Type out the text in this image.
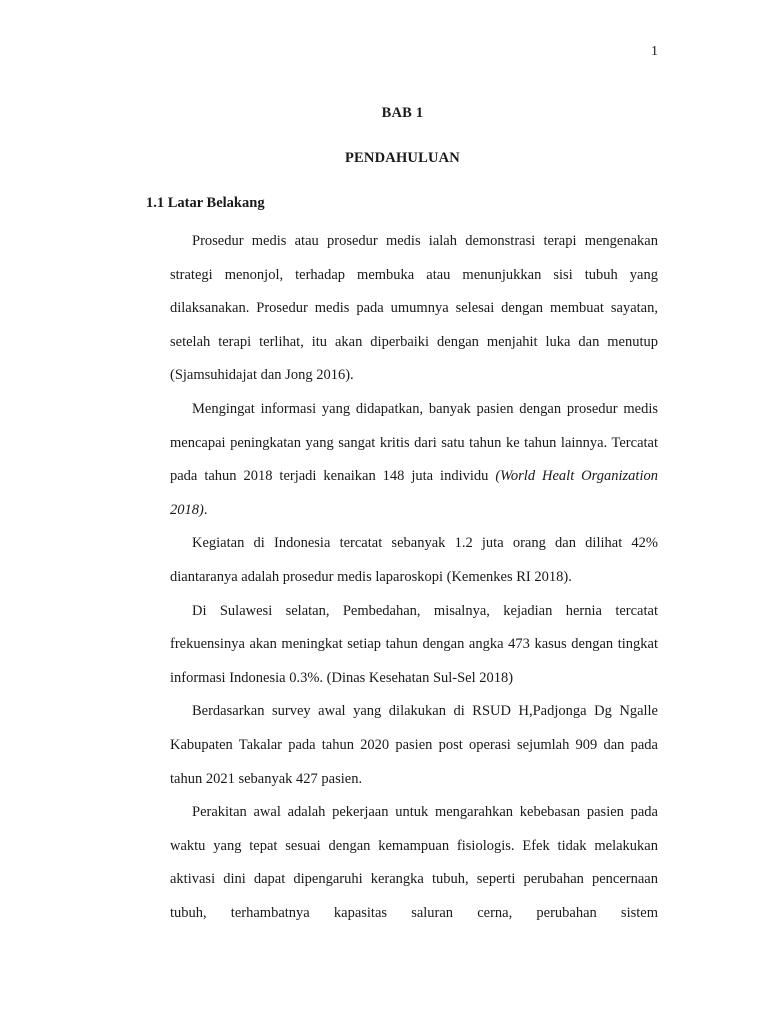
1
BAB 1
PENDAHULUAN
1.1 Latar Belakang

Prosedur medis atau prosedur medis ialah demonstrasi terapi mengenakan strategi menonjol, terhadap membuka atau menunjukkan sisi tubuh yang dilaksanakan. Prosedur medis pada umumnya selesai dengan membuat sayatan, setelah terapi terlihat, itu akan diperbaiki dengan menjahit luka dan menutup (Sjamsuhidajat dan Jong 2016).

Mengingat informasi yang didapatkan, banyak pasien dengan prosedur medis mencapai peningkatan yang sangat kritis dari satu tahun ke tahun lainnya. Tercatat pada tahun 2018 terjadi kenaikan 148 juta individu (World Healt Organization 2018).

Kegiatan di Indonesia tercatat sebanyak 1.2 juta orang dan dilihat 42% diantaranya adalah prosedur medis laparoskopi (Kemenkes RI 2018).

Di Sulawesi selatan, Pembedahan, misalnya, kejadian hernia tercatat frekuensinya akan meningkat setiap tahun dengan angka 473 kasus dengan tingkat informasi Indonesia 0.3%. (Dinas Kesehatan Sul-Sel 2018)

Berdasarkan survey awal yang dilakukan di RSUD H,Padjonga Dg Ngalle Kabupaten Takalar pada tahun 2020 pasien post operasi sejumlah 909 dan pada tahun 2021 sebanyak 427 pasien.

Perakitan awal adalah pekerjaan untuk mengarahkan kebebasan pasien pada waktu yang tepat sesuai dengan kemampuan fisiologis. Efek tidak melakukan aktivasi dini dapat dipengaruhi kerangka tubuh, seperti perubahan pencernaan tubuh, terhambatnya kapasitas saluran cerna, perubahan sistem
